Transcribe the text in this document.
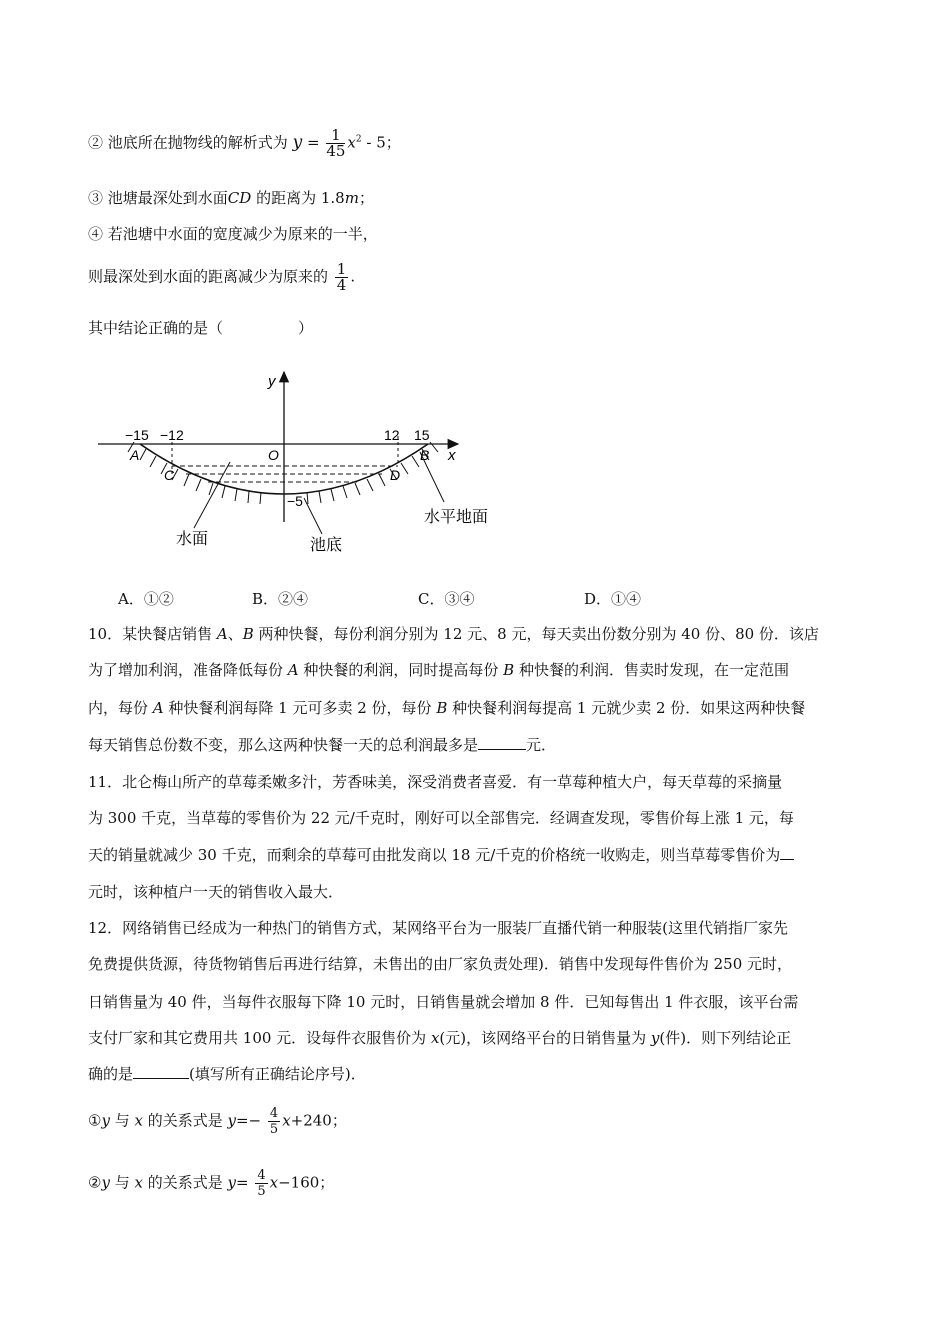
② 池底所在抛物线的解析式为 $y = \frac{1}{45} x^2 - 5$；
③ 池塘最深处到水面CD 的距离为 1.8m；
④ 若池塘中水面的宽度减少为原来的一半，
则最深处到水面的距离减少为原来的 $\frac{1}{4}$ .
其中结论正确的是（　　　　　）
−15 −12	12 15
−5
y
x
O
A	B
C	D
水面	池底
水平地面
A．①②	B．②④	C．③④	D．①④
10．某快餐店销售 A、B 两种快餐，每份利润分别为 12 元、8 元，每天卖出份数分别为 40 份、80 份．该店
为了增加利润，准备降低每份 A 种快餐的利润，同时提高每份 B 种快餐的利润．售卖时发现，在一定范围
内，每份 A 种快餐利润每降 1 元可多卖 2 份，每份 B 种快餐利润每提高 1 元就少卖 2 份．如果这两种快餐
每天销售总份数不变，那么这两种快餐一天的总利润最多是	元．
11．北仑梅山所产的草莓柔嫩多汁，芳香味美，深受消费者喜爱．有一草莓种植大户，每天草莓的采摘量
为 300 千克，当草莓的零售价为 22 元/千克时，刚好可以全部售完．经调查发现，零售价每上涨 1 元，每
天的销量就减少 30 千克，而剩余的草莓可由批发商以 18 元/千克的价格统一收购走，则当草莓零售价为
元时，该种植户一天的销售收入最大．
12．网络销售已经成为一种热门的销售方式，某网络平台为一服装厂直播代销一种服装(这里代销指厂家先
免费提供货源，待货物销售后再进行结算，未售出的由厂家负责处理)．销售中发现每件售价为 250 元时，
日销售量为 40 件，当每件衣服每下降 10 元时，日销售量就会增加 8 件．已知每售出 1 件衣服，该平台需
支付厂家和其它费用共 100 元．设每件衣服售价为 x(元)，该网络平台的日销售量为 y(件)．则下列结论正
确的是	(填写所有正确结论序号)．
①y 与 x 的关系式是 $y=- \frac{4}{5} x+240$；
②y 与 x 的关系式是 $y= \frac{4}{5} x-160$；
